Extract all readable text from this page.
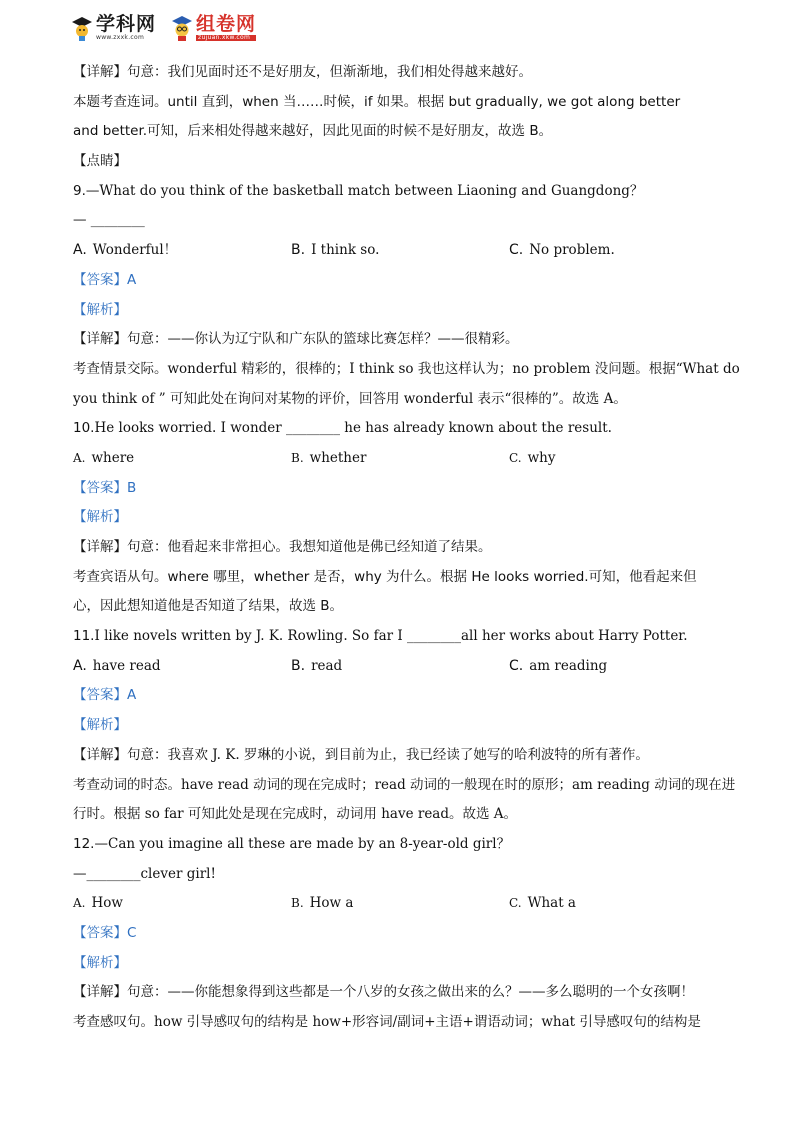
学科网
www.zxxk.com
组卷网
zujuan.xkw.com
【详解】句意：我们见面时还不是好朋友，但渐渐地，我们相处得越来越好。
本题考查连词。until 直到，when 当……时候，if 如果。根据 but gradually, we got along better
and better.可知，后来相处得越来越好，因此见面的时候不是好朋友，故选 B。
【点睛】
9.—What do you think of the basketball match between Liaoning and Guangdong？
— ________
A. Wonderful！	B. I think so.	C. No problem.
【答案】A
【解析】
【详解】句意：——你认为辽宁队和广东队的篮球比赛怎样？——很精彩。
考查情景交际。wonderful 精彩的，很棒的；I think so 我也这样认为；no problem 没问题。根据“What do
you think of ” 可知此处在询问对某物的评价，回答用 wonderful 表示“很棒的”。故选 A。
10.He looks worried. I wonder ________ he has already known about the result.
A. where	B. whether	C. why
【答案】B
【解析】
【详解】句意：他看起来非常担心。我想知道他是佛已经知道了结果。
考查宾语从句。where 哪里，whether 是否，why 为什么。根据 He looks worried.可知，他看起来但
心，因此想知道他是否知道了结果，故选 B。
11.I like novels written by J. K. Rowling. So far I ________all her works about Harry Potter.
A. have read	B. read	C. am reading
【答案】A
【解析】
【详解】句意：我喜欢 J. K. 罗琳的小说，到目前为止，我已经读了她写的哈利波特的所有著作。
考查动词的时态。have read 动词的现在完成时；read 动词的一般现在时的原形；am reading 动词的现在进
行时。根据 so far 可知此处是现在完成时，动词用 have read。故选 A。
12.—Can you imagine all these are made by an 8-year-old girl？
—________clever girl!
A. How	B. How a	C. What a
【答案】C
【解析】
【详解】句意：——你能想象得到这些都是一个八岁的女孩之做出来的么？——多么聪明的一个女孩啊！
考查感叹句。how 引导感叹句的结构是 how+形容词/副词+主语+谓语动词；what 引导感叹句的结构是
